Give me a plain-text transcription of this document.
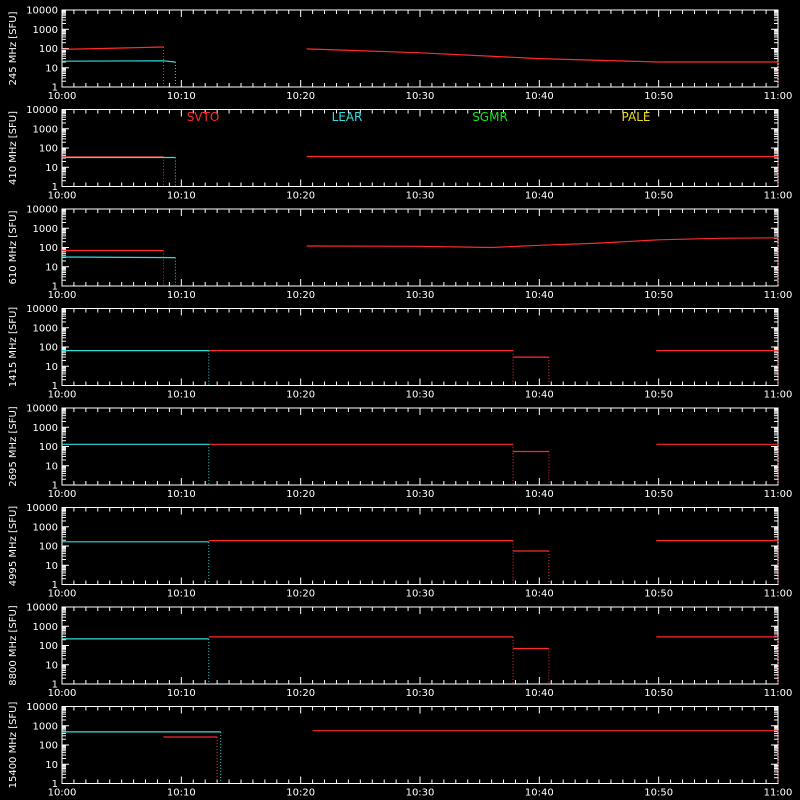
1
10
100
1000
10000
10:00	10:10	10:20	10:30	10:40	10:50	11:00
245 MHz [SFU]
1
10
100
1000
10000
10:00	10:10	10:20	10:30	10:40	10:50	11:00
410 MHz [SFU]
1
10
100
1000
10000
10:00	10:10	10:20	10:30	10:40	10:50	11:00
610 MHz [SFU]
1
10
100
1000
10000
10:00	10:10	10:20	10:30	10:40	10:50	11:00
1415 MHz [SFU]
1
10
100
1000
10000
10:00	10:10	10:20	10:30	10:40	10:50	11:00
2695 MHz [SFU]
1
10
100
1000
10000
10:00	10:10	10:20	10:30	10:40	10:50	11:00
4995 MHz [SFU]
1
10
100
1000
10000
10:00	10:10	10:20	10:30	10:40	10:50	11:00
8800 MHz [SFU]
1
10
100
1000
10000
10:00	10:10	10:20	10:30	10:40	10:50	11:00
15400 MHz [SFU]
SVTO	LEAR	SGMR	PALE
